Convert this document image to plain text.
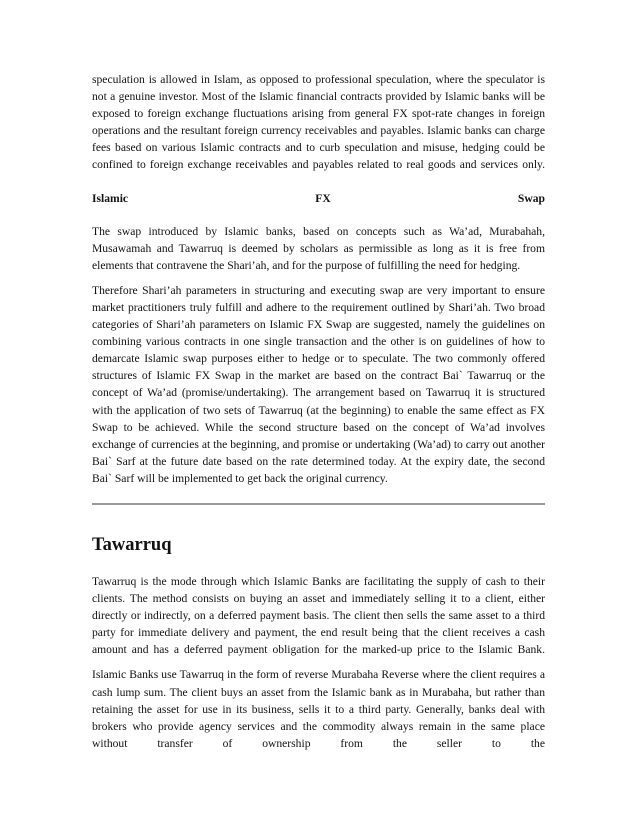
speculation is allowed in Islam, as opposed to professional speculation, where the speculator is not a genuine investor. Most of the Islamic financial contracts provided by Islamic banks will be exposed to foreign exchange fluctuations arising from general FX spot-rate changes in foreign operations and the resultant foreign currency receivables and payables. Islamic banks can charge fees based on various Islamic contracts and to curb speculation and misuse, hedging could be confined to foreign exchange receivables and payables related to real goods and services only.

Islamic	FX	Swap

The swap introduced by Islamic banks, based on concepts such as Wa’ad, Murabahah, Musawamah and Tawarruq is deemed by scholars as permissible as long as it is free from elements that contravene the Shari’ah, and for the purpose of fulfilling the need for hedging.

Therefore Shari’ah parameters in structuring and executing swap are very important to ensure market practitioners truly fulfill and adhere to the requirement outlined by Shari’ah. Two broad categories of Shari’ah parameters on Islamic FX Swap are suggested, namely the guidelines on combining various contracts in one single transaction and the other is on guidelines of how to demarcate Islamic swap purposes either to hedge or to speculate. The two commonly offered structures of Islamic FX Swap in the market are based on the contract Bai` Tawarruq or the concept of Wa’ad (promise/undertaking). The arrangement based on Tawarruq it is structured with the application of two sets of Tawarruq (at the beginning) to enable the same effect as FX Swap to be achieved. While the second structure based on the concept of Wa’ad involves exchange of currencies at the beginning, and promise or undertaking (Wa’ad) to carry out another Bai` Sarf at the future date based on the rate determined today. At the expiry date, the second Bai` Sarf will be implemented to get back the original currency.

Tawarruq

Tawarruq is the mode through which Islamic Banks are facilitating the supply of cash to their clients. The method consists on buying an asset and immediately selling it to a client, either directly or indirectly, on a deferred payment basis. The client then sells the same asset to a third party for immediate delivery and payment, the end result being that the client receives a cash amount and has a deferred payment obligation for the marked-up price to the Islamic Bank.

Islamic Banks use Tawarruq in the form of reverse Murabaha Reverse where the client requires a cash lump sum. The client buys an asset from the Islamic bank as in Murabaha, but rather than retaining the asset for use in its business, sells it to a third party. Generally, banks deal with brokers who provide agency services and the commodity always remain in the same place without transfer of ownership from the seller to the
